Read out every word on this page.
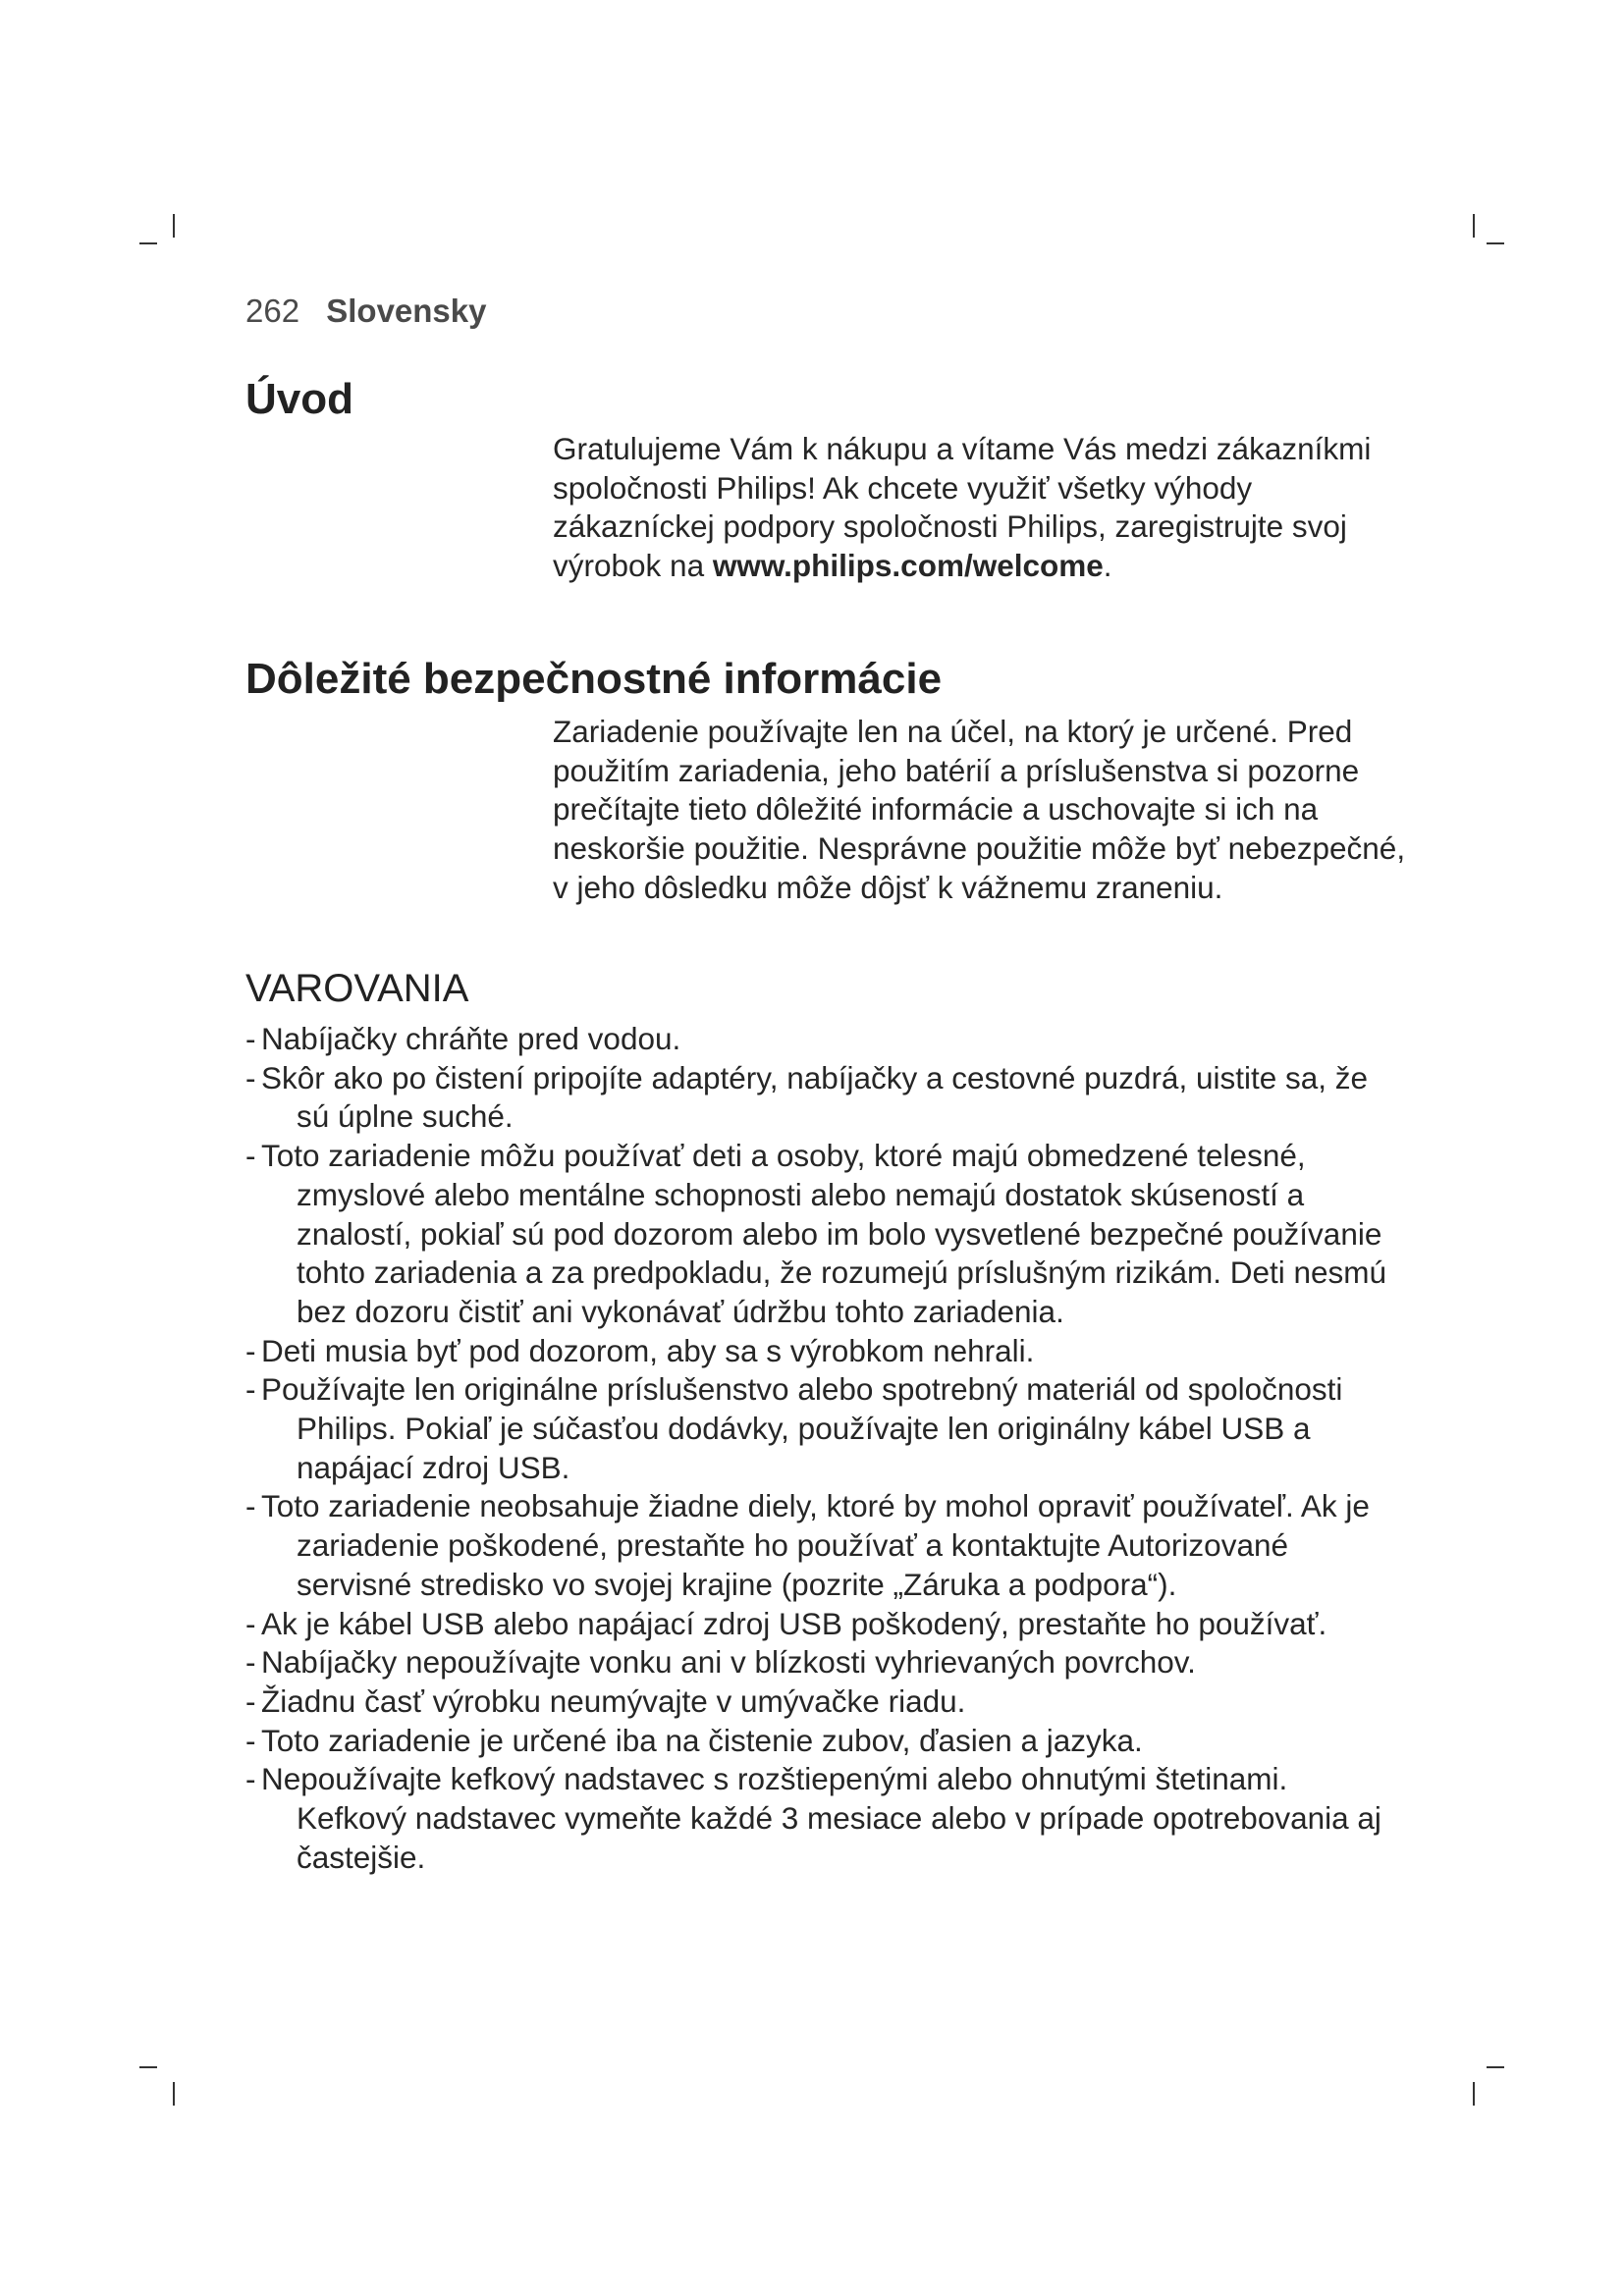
262 Slovensky
Úvod

Gratulujeme Vám k nákupu a vítame Vás medzi zákazníkmi spoločnosti Philips! Ak chcete využiť všetky výhody zákazníckej podpory spoločnosti Philips, zaregistrujte svoj výrobok na www.philips.com/welcome.

Dôležité bezpečnostné informácie

Zariadenie používajte len na účel, na ktorý je určené. Pred použitím zariadenia, jeho batérií a príslušenstva si pozorne prečítajte tieto dôležité informácie a uschovajte si ich na neskoršie použitie. Nesprávne použitie môže byť nebezpečné, v jeho dôsledku môže dôjsť k vážnemu zraneniu.

VAROVANIA
- Nabíjačky chráňte pred vodou.
- Skôr ako po čistení pripojíte adaptéry, nabíjačky a cestovné puzdrá, uistite sa, že sú úplne suché.
- Toto zariadenie môžu používať deti a osoby, ktoré majú obmedzené telesné, zmyslové alebo mentálne schopnosti alebo nemajú dostatok skúseností a znalostí, pokiaľ sú pod dozorom alebo im bolo vysvetlené bezpečné používanie tohto zariadenia a za predpokladu, že rozumejú príslušným rizikám. Deti nesmú bez dozoru čistiť ani vykonávať údržbu tohto zariadenia.
- Deti musia byť pod dozorom, aby sa s výrobkom nehrali.
- Používajte len originálne príslušenstvo alebo spotrebný materiál od spoločnosti Philips. Pokiaľ je súčasťou dodávky, používajte len originálny kábel USB a napájací zdroj USB.
- Toto zariadenie neobsahuje žiadne diely, ktoré by mohol opraviť používateľ. Ak je zariadenie poškodené, prestaňte ho používať a kontaktujte Autorizované servisné stredisko vo svojej krajine (pozrite „Záruka a podpora“).
- Ak je kábel USB alebo napájací zdroj USB poškodený, prestaňte ho používať.
- Nabíjačky nepoužívajte vonku ani v blízkosti vyhrievaných povrchov.
- Žiadnu časť výrobku neumývajte v umývačke riadu.
- Toto zariadenie je určené iba na čistenie zubov, ďasien a jazyka.
- Nepoužívajte kefkový nadstavec s rozštiepenými alebo ohnutými štetinami. Kefkový nadstavec vymeňte každé 3 mesiace alebo v prípade opotrebovania aj častejšie.
